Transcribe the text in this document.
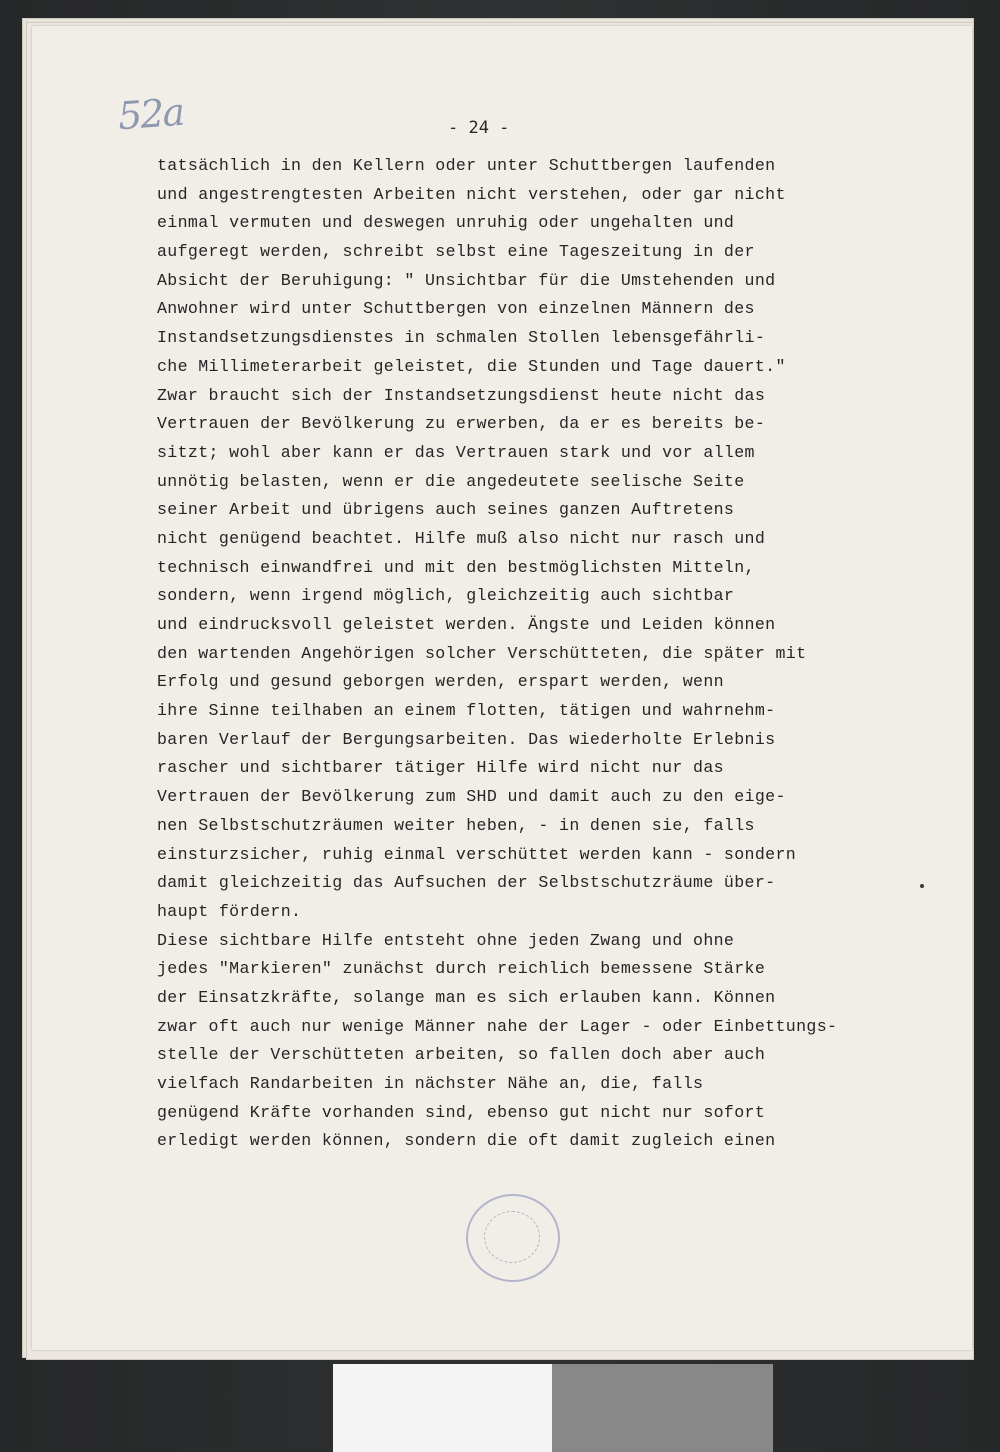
52a	- 24 -
tatsächlich in den Kellern oder unter Schuttbergen laufenden
und angestrengtesten Arbeiten nicht verstehen, oder gar nicht
einmal vermuten und deswegen unruhig oder ungehalten und
aufgeregt werden, schreibt selbst eine Tageszeitung in der
Absicht der Beruhigung: " Unsichtbar für die Umstehenden und
Anwohner wird unter Schuttbergen von einzelnen Männern des
Instandsetzungsdienstes in schmalen Stollen lebensgefährli-
che Millimeterarbeit geleistet, die Stunden und Tage dauert."
Zwar braucht sich der Instandsetzungsdienst heute nicht das
Vertrauen der Bevölkerung zu erwerben, da er es bereits be-
sitzt; wohl aber kann er das Vertrauen stark und vor allem
unnötig belasten, wenn er die angedeutete seelische Seite
seiner Arbeit und übrigens auch seines ganzen Auftretens
nicht genügend beachtet. Hilfe muß also nicht nur rasch und
technisch einwandfrei und mit den bestmöglichsten Mitteln,
sondern, wenn irgend möglich, gleichzeitig auch sichtbar
und eindrucksvoll geleistet werden. Ängste und Leiden können
den wartenden Angehörigen solcher Verschütteten, die später mit
Erfolg und gesund geborgen werden, erspart werden, wenn
ihre Sinne teilhaben an einem flotten, tätigen und wahrnehm-
baren Verlauf der Bergungsarbeiten. Das wiederholte Erlebnis
rascher und sichtbarer tätiger Hilfe wird nicht nur das
Vertrauen der Bevölkerung zum SHD und damit auch zu den eige-
nen Selbstschutzräumen weiter heben, - in denen sie, falls
einsturzsicher, ruhig einmal verschüttet werden kann - sondern
damit gleichzeitig das Aufsuchen der Selbstschutzräume über-
haupt fördern.
Diese sichtbare Hilfe entsteht ohne jeden Zwang und ohne
jedes "Markieren" zunächst durch reichlich bemessene Stärke
der Einsatzkräfte, solange man es sich erlauben kann. Können
zwar oft auch nur wenige Männer nahe der Lager - oder Einbettungs-
stelle der Verschütteten arbeiten, so fallen doch aber auch
vielfach Randarbeiten in nächster Nähe an, die, falls
genügend Kräfte vorhanden sind, ebenso gut nicht nur sofort
erledigt werden können, sondern die oft damit zugleich einen
